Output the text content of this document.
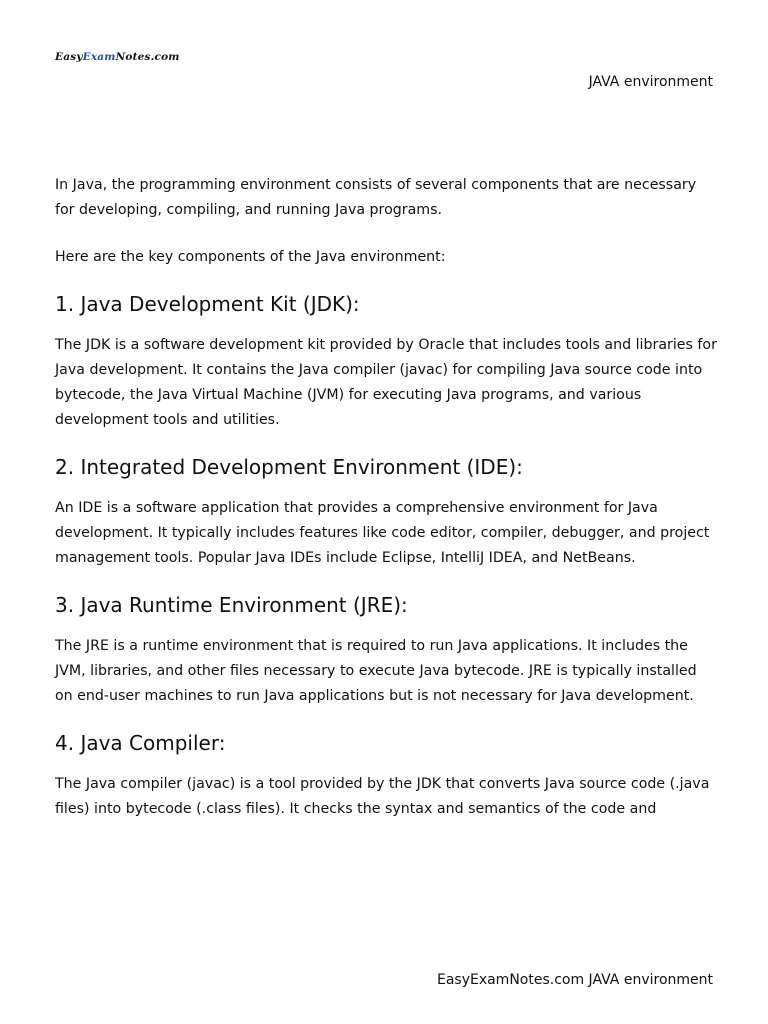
EasyExamNotes.com
JAVA environment

In Java, the programming environment consists of several components that are necessary for developing, compiling, and running Java programs.

Here are the key components of the Java environment:

1. Java Development Kit (JDK):

The JDK is a software development kit provided by Oracle that includes tools and libraries for Java development. It contains the Java compiler (javac) for compiling Java source code into bytecode, the Java Virtual Machine (JVM) for executing Java programs, and various development tools and utilities.

2. Integrated Development Environment (IDE):

An IDE is a software application that provides a comprehensive environment for Java development. It typically includes features like code editor, compiler, debugger, and project management tools. Popular Java IDEs include Eclipse, IntelliJ IDEA, and NetBeans.

3. Java Runtime Environment (JRE):

The JRE is a runtime environment that is required to run Java applications. It includes the JVM, libraries, and other files necessary to execute Java bytecode. JRE is typically installed on end-user machines to run Java applications but is not necessary for Java development.

4. Java Compiler:

The Java compiler (javac) is a tool provided by the JDK that converts Java source code (.java files) into bytecode (.class files). It checks the syntax and semantics of the code and

EasyExamNotes.com JAVA environment
